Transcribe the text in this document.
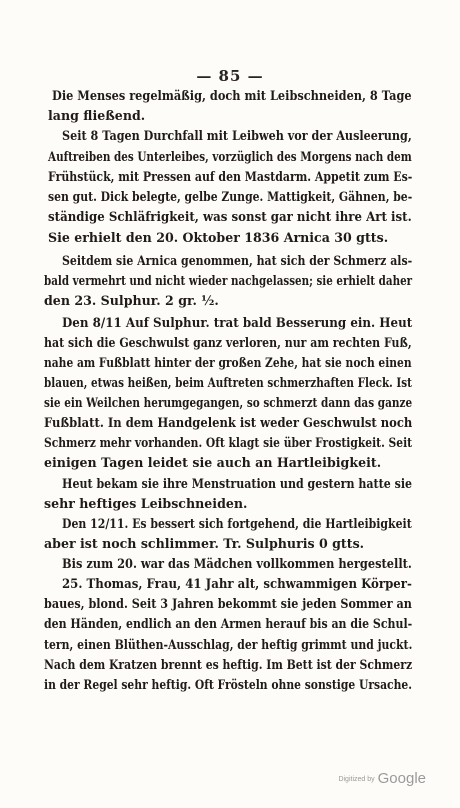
— 85 —
Die Menses regelmäßig, doch mit Leibschneiden, 8 Tage
lang fließend.
Seit 8 Tagen Durchfall mit Leibweh vor der Ausleerung,
Auftreiben des Unterleibes, vorzüglich des Morgens nach dem
Frühstück, mit Pressen auf den Mastdarm. Appetit zum Es-
sen gut. Dick belegte, gelbe Zunge. Mattigkeit, Gähnen, be-
ständige Schläfrigkeit, was sonst gar nicht ihre Art ist.
Sie erhielt den 20. Oktober 1836 Arnica 30 gtts.
Seitdem sie Arnica genommen, hat sich der Schmerz als-
bald vermehrt und nicht wieder nachgelassen; sie erhielt daher
den 23. Sulphur. 2 gr. ½.
Den 8/11 Auf Sulphur. trat bald Besserung ein. Heut
hat sich die Geschwulst ganz verloren, nur am rechten Fuß,
nahe am Fußblatt hinter der großen Zehe, hat sie noch einen
blauen, etwas heißen, beim Auftreten schmerzhaften Fleck. Ist
sie ein Weilchen herumgegangen, so schmerzt dann das ganze
Fußblatt. In dem Handgelenk ist weder Geschwulst noch
Schmerz mehr vorhanden. Oft klagt sie über Frostigkeit. Seit
einigen Tagen leidet sie auch an Hartleibigkeit.
Heut bekam sie ihre Menstruation und gestern hatte sie
sehr heftiges Leibschneiden.
Den 12/11. Es bessert sich fortgehend, die Hartleibigkeit
aber ist noch schlimmer. Tr. Sulphuris 0 gtts.
Bis zum 20. war das Mädchen vollkommen hergestellt.
25. Thomas, Frau, 41 Jahr alt, schwammigen Körper-
baues, blond. Seit 3 Jahren bekommt sie jeden Sommer an
den Händen, endlich an den Armen herauf bis an die Schul-
tern, einen Blüthen-Ausschlag, der heftig grimmt und juckt.
Nach dem Kratzen brennt es heftig. Im Bett ist der Schmerz
in der Regel sehr heftig. Oft Frösteln ohne sonstige Ursache.
Digitized by Google
